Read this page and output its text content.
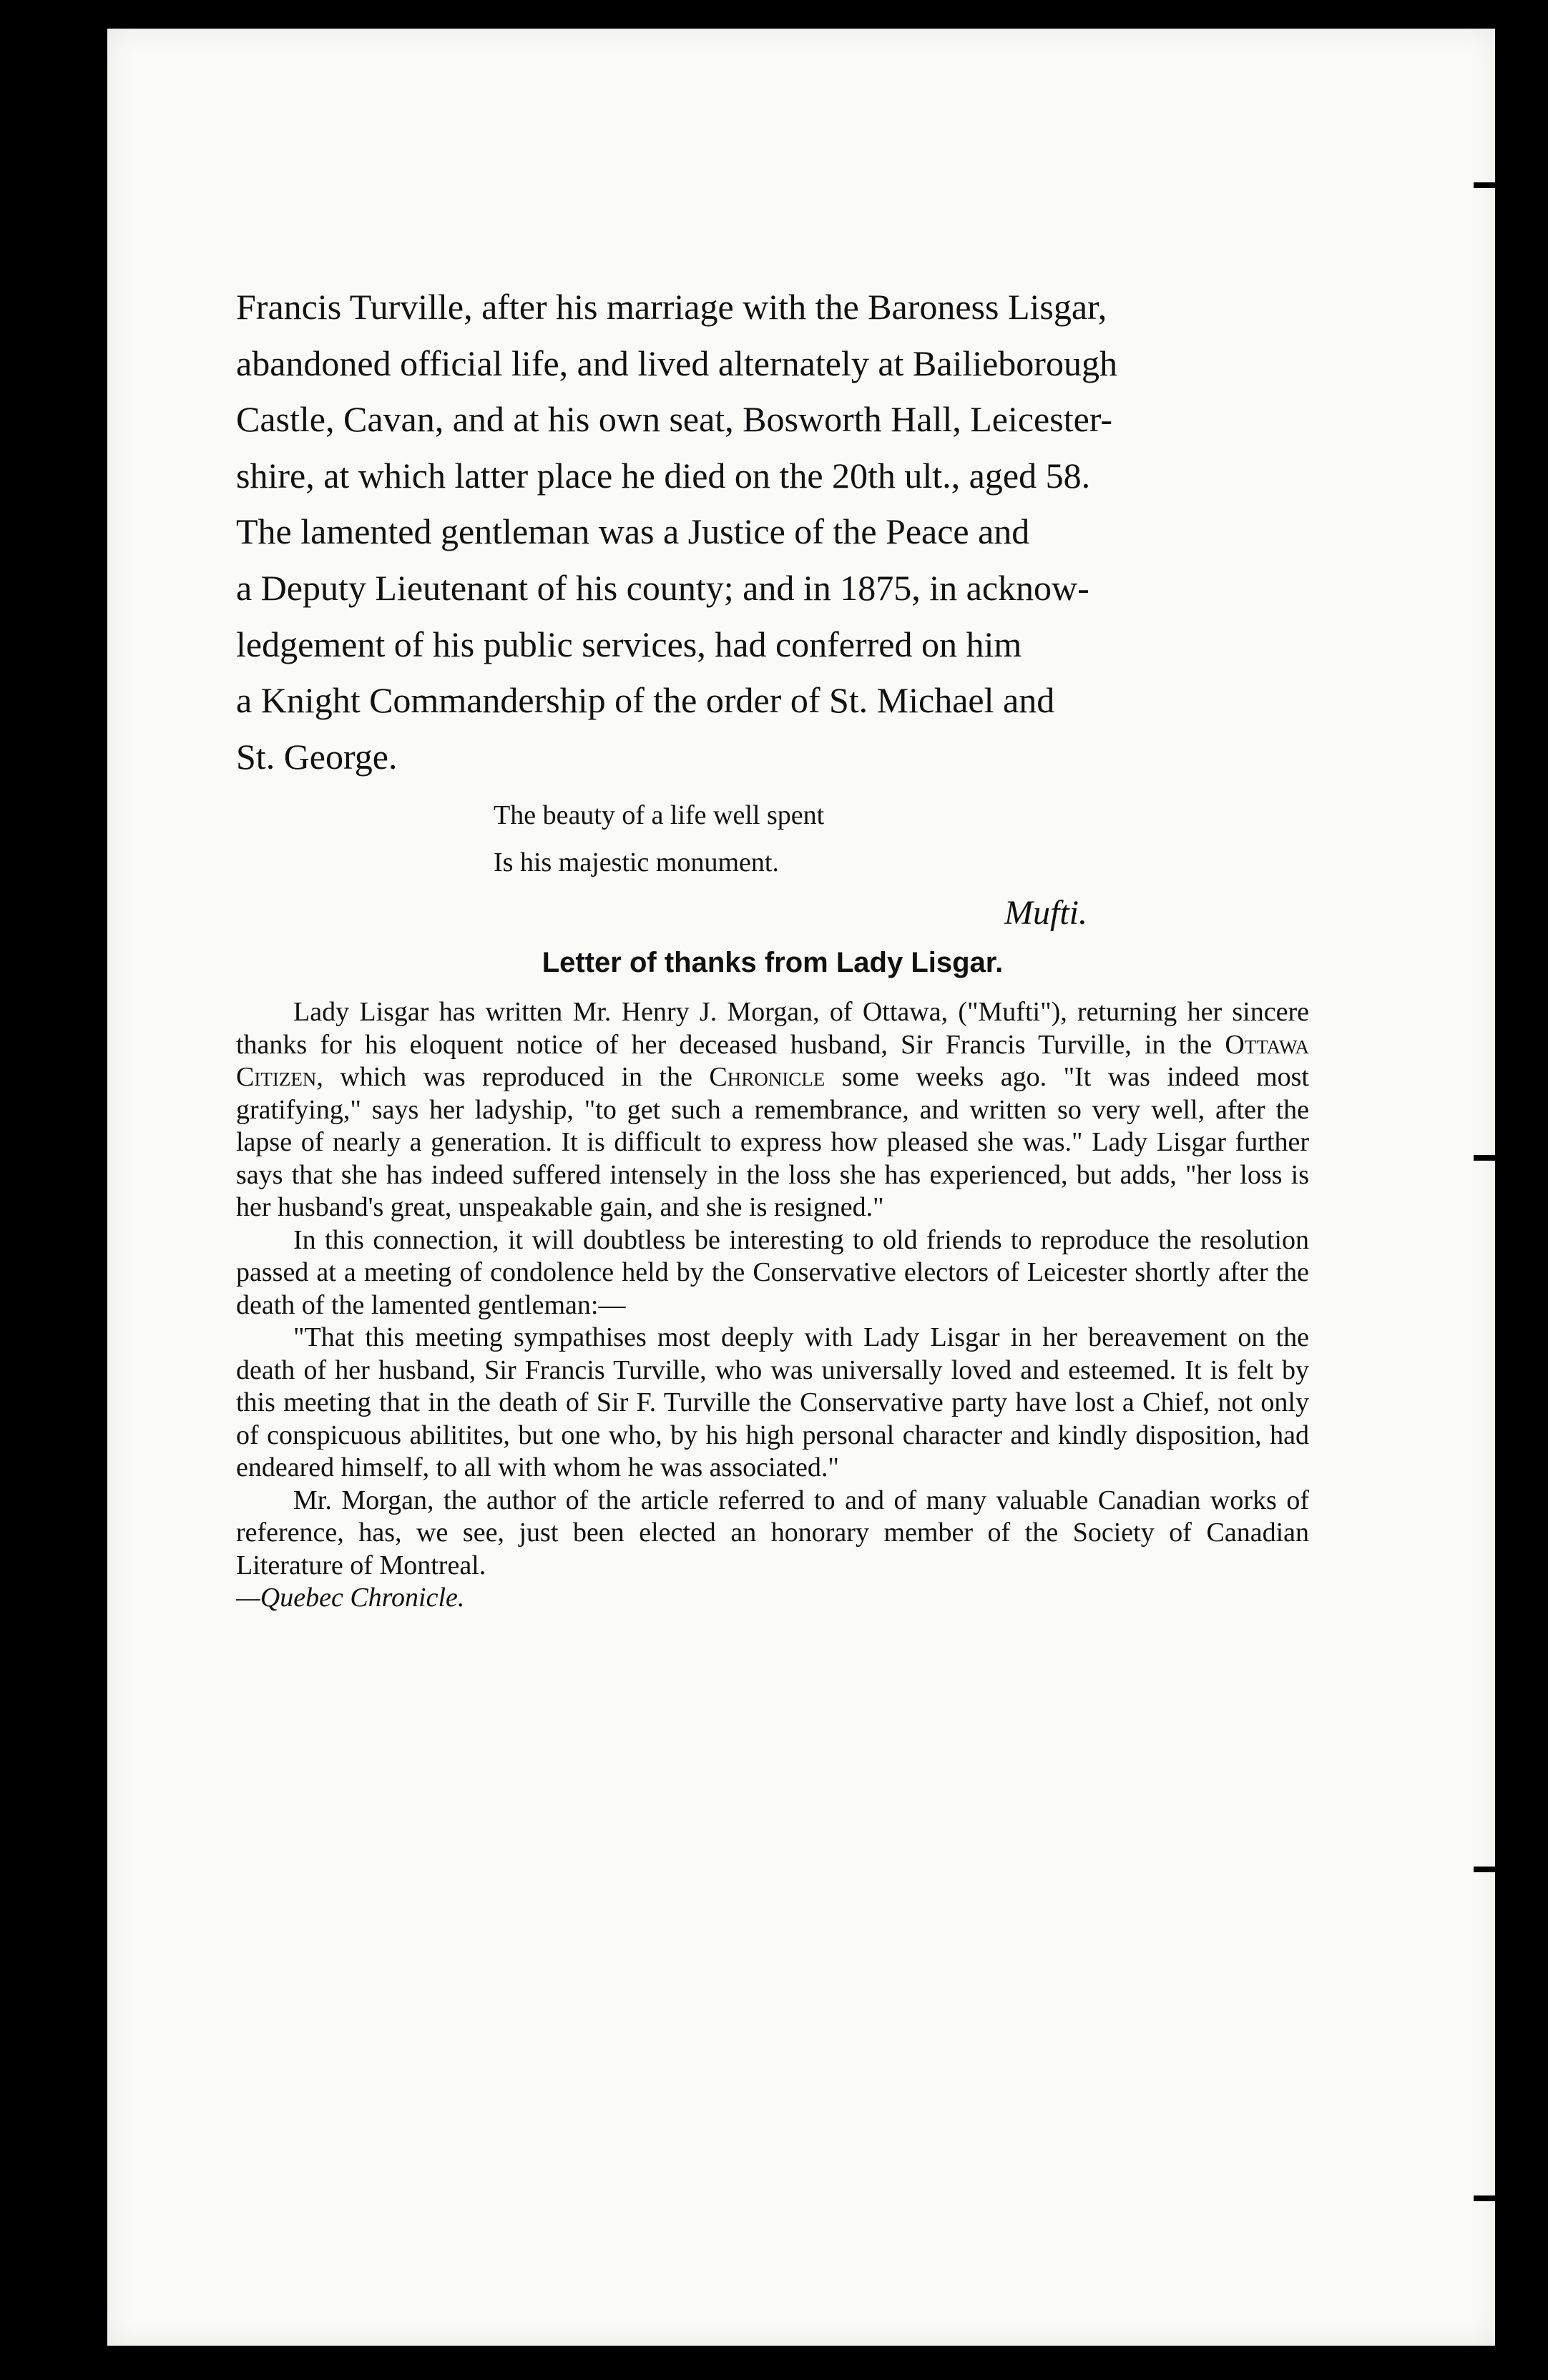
Francis Turville, after his marriage with the Baroness Lisgar,
abandoned official life, and lived alternately at Bailieborough
Castle, Cavan, and at his own seat, Bosworth Hall, Leicester-
shire, at which latter place he died on the 20th ult., aged 58.
The lamented gentleman was a Justice of the Peace and
a Deputy Lieutenant of his county; and in 1875, in acknow-
ledgement of his public services, had conferred on him
a Knight Commandership of the order of St. Michael and
St. George.

The beauty of a life well spent
Is his majestic monument.

Mufti.

Letter of thanks from Lady Lisgar.

Lady Lisgar has written Mr. Henry J. Morgan, of Ottawa, ("Mufti"), returning her sincere thanks for his eloquent notice of her deceased husband, Sir Francis Turville, in the Ottawa Citizen, which was reproduced in the Chronicle some weeks ago. "It was indeed most gratifying," says her ladyship, "to get such a remembrance, and written so very well, after the lapse of nearly a generation. It is difficult to express how pleased she was." Lady Lisgar further says that she has indeed suffered intensely in the loss she has experienced, but adds, "her loss is her husband's great, unspeakable gain, and she is resigned."

In this connection, it will doubtless be interesting to old friends to reproduce the resolution passed at a meeting of condolence held by the Conservative electors of Leicester shortly after the death of the lamented gentleman:—

"That this meeting sympathises most deeply with Lady Lisgar in her bereavement on the death of her husband, Sir Francis Turville, who was universally loved and esteemed. It is felt by this meeting that in the death of Sir F. Turville the Conservative party have lost a Chief, not only of conspicuous abilitites, but one who, by his high personal character and kindly disposition, had endeared himself, to all with whom he was associated."

Mr. Morgan, the author of the article referred to and of many valuable Canadian works of reference, has, we see, just been elected an honorary member of the Society of Canadian Literature of Montreal.

—Quebec Chronicle.
